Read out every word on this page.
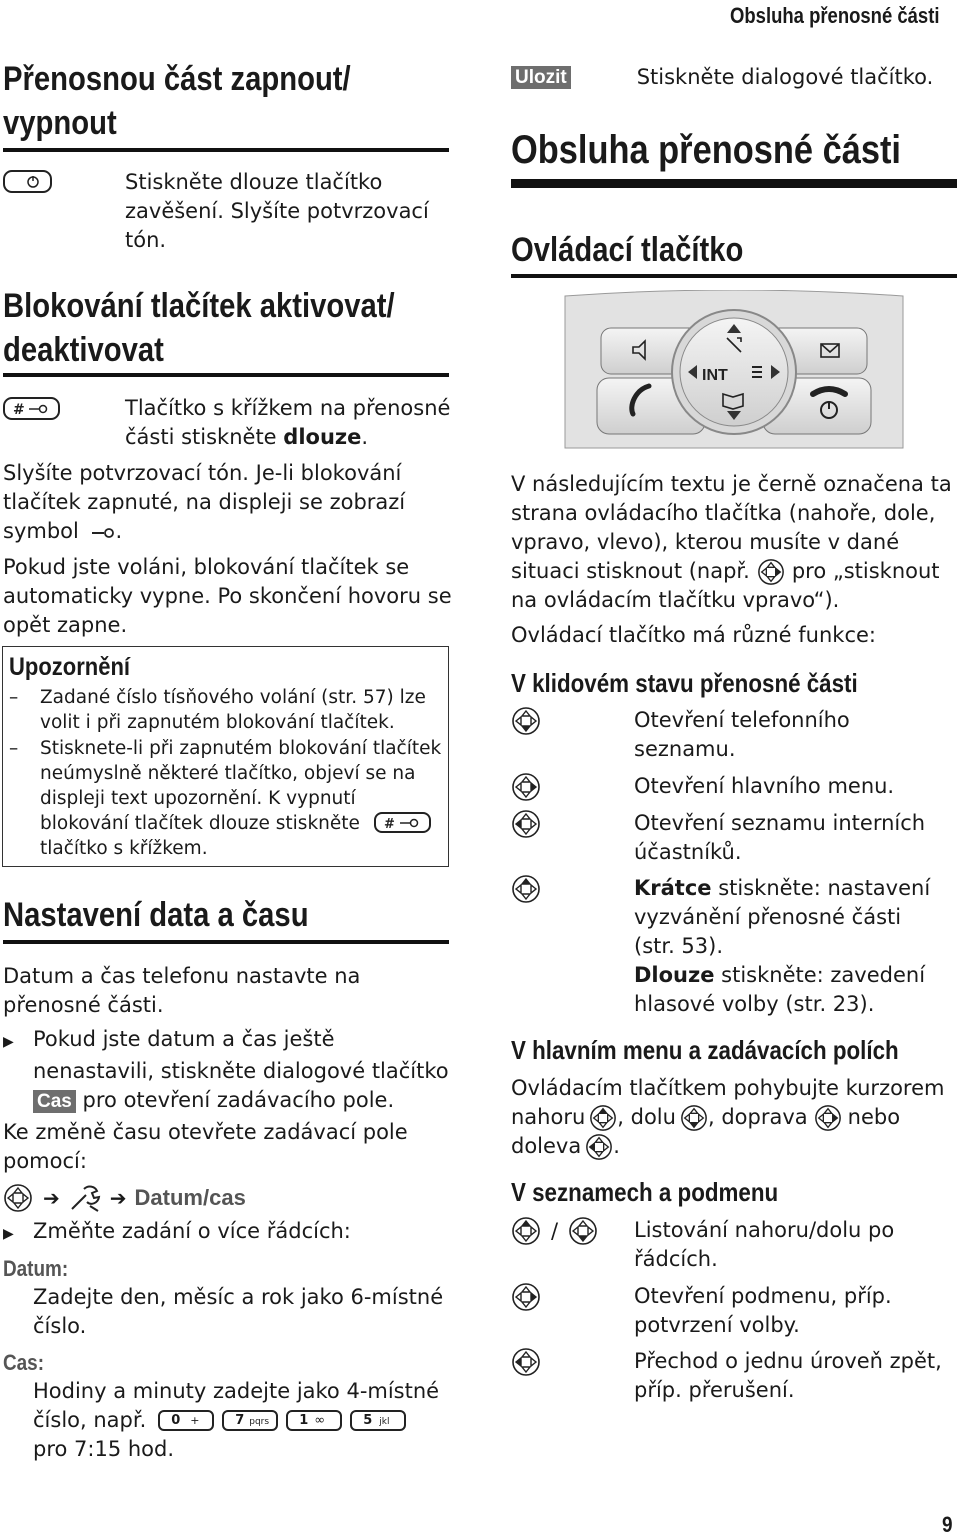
Obsluha přenosné části
Přenosnou část zapnout/
vypnout
Stiskněte dlouze tlačítko
zavěšení. Slyšíte potvrzovací
tón.
Blokování tlačítek aktivovat/
deaktivovat
#	Tlačítko s křížkem na přenosné
části stiskněte dlouze.
Slyšíte potvrzovací tón. Je-li blokování
tlačítek zapnuté, na displeji se zobrazí
symbol .
Pokud jste voláni, blokování tlačítek se
automaticky vypne. Po skončení hovoru se
opět zapne.
Upozornění
–	Zadané číslo tísňového volání (str. 57) lze
volit i při zapnutém blokování tlačítek.
–	Stisknete-li při zapnutém blokování tlačítek
neúmyslně některé tlačítko, objeví se na
displeji text upozornění. K vypnutí
blokování tlačítek dlouze stiskněte #
tlačítko s křížkem.
Nastavení data a času
Datum a čas telefonu nastavte na
přenosné části.
▶ Pokud jste datum a čas ještě
nenastavili, stiskněte dialogové tlačítko
Cas pro otevření zadávacího pole.
Ke změně času otevřete zadávací pole
pomocí:
➔	➔ Datum/cas
▶ Změňte zadání o více řádcích:
Datum:
Zadejte den, měsíc a rok jako 6-místné
číslo.
Cas:
Hodiny a minuty zadejte jako 4-místné
číslo, např. 0 +	7 pqrs 1 ∞	5 jkl
pro 7:15 hod.
Ulozit	Stiskněte dialogové tlačítko.
Obsluha přenosné části
Ovládací tlačítko
INT
V následujícím textu je černě označena ta
strana ovládacího tlačítka (nahoře, dole,
vpravo, vlevo), kterou musíte v dané
situaci stisknout (např. pro „stisknout
na ovládacím tlačítku vpravo“).
Ovládací tlačítko má různé funkce:
V klidovém stavu přenosné části
Otevření telefonního
seznamu.
Otevření hlavního menu.
Otevření seznamu interních
účastníků.
Krátce stiskněte: nastavení
vyzvánění přenosné části
(str. 53).
Dlouze stiskněte: zavedení
hlasové volby (str. 23).
V hlavním menu a zadávacích polích
Ovládacím tlačítkem pohybujte kurzorem
nahoru , dolu , doprava nebo
doleva .
V seznamech a podmenu
/	Listování nahoru/dolu po
řádcích.
Otevření podmenu, příp.
potvrzení volby.
Přechod o jednu úroveň zpět,
příp. přerušení.
9
